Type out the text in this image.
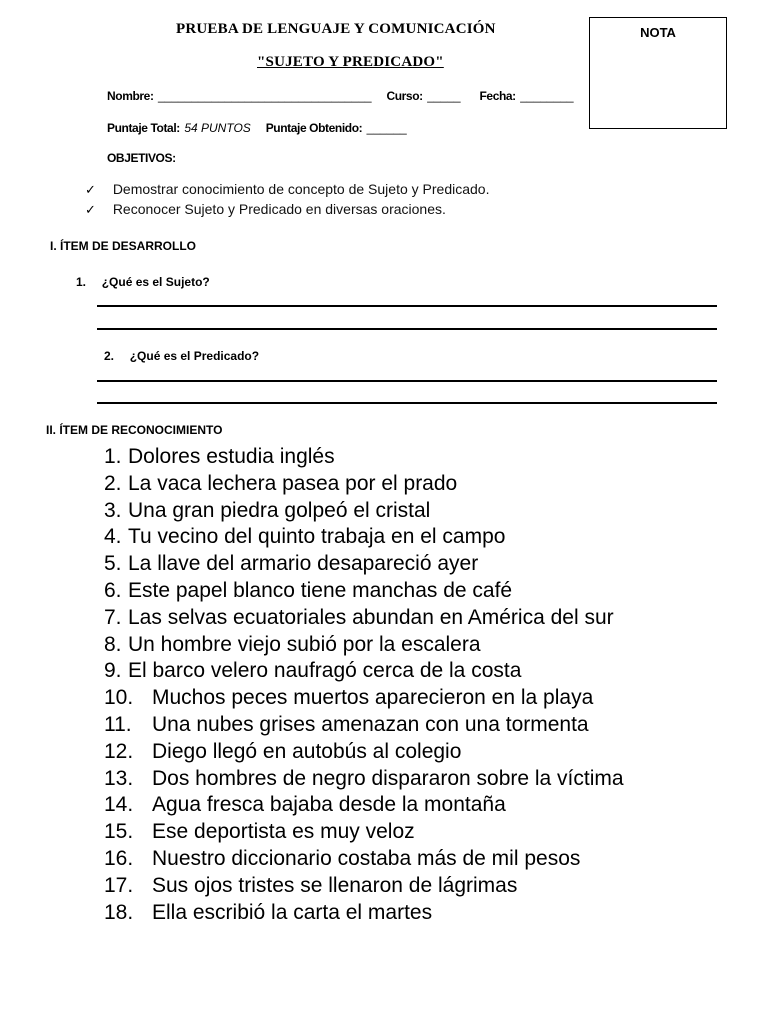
PRUEBA DE LENGUAJE Y COMUNICACIÓN
"SUJETO Y PREDICADO"
NOTA
Nombre: ________________________________ Curso: _____ Fecha: ________
Puntaje Total: 54 PUNTOS Puntaje Obtenido: ______
OBJETIVOS:
✓ Demostrar conocimiento de concepto de Sujeto y Predicado.
✓ Reconocer Sujeto y Predicado en diversas oraciones.
I. ÍTEM DE DESARROLLO
1. ¿Qué es el Sujeto?
2. ¿Qué es el Predicado?
II. ÍTEM DE RECONOCIMIENTO
1. Dolores estudia inglés
2. La vaca lechera pasea por el prado
3. Una gran piedra golpeó el cristal
4. Tu vecino del quinto trabaja en el campo
5. La llave del armario desapareció ayer
6. Este papel blanco tiene manchas de café
7. Las selvas ecuatoriales abundan en América del sur
8. Un hombre viejo subió por la escalera
9. El barco velero naufragó cerca de la costa
10. Muchos peces muertos aparecieron en la playa
11. Una nubes grises amenazan con una tormenta
12. Diego llegó en autobús al colegio
13. Dos hombres de negro dispararon sobre la víctima
14. Agua fresca bajaba desde la montaña
15. Ese deportista es muy veloz
16. Nuestro diccionario costaba más de mil pesos
17. Sus ojos tristes se llenaron de lágrimas
18. Ella escribió la carta el martes
